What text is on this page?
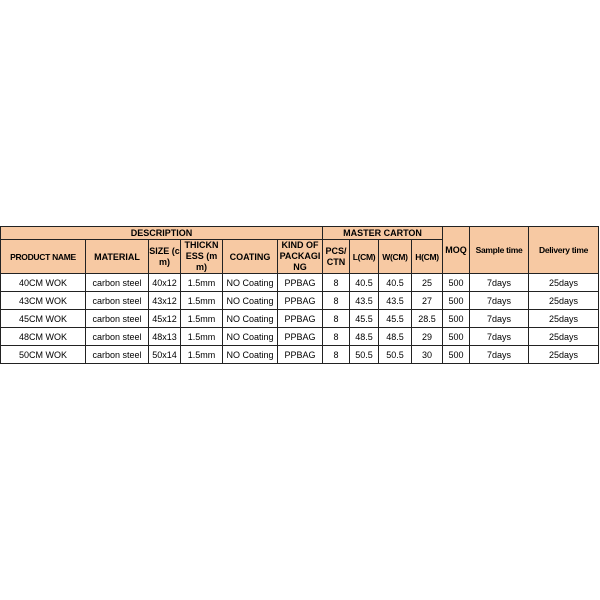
DESCRIPTION						MASTER CARTON				MOQ	Sample time	Delivery time
PRODUCT NAME	MATERIAL	SIZE (cm)	THICKN ESS (mm)	COATING	KIND OF PACKAGI NG	PCS/ CTN	L(CM)	W(CM)	H(CM)			
40CM WOK	carbon steel	40x12	1.5mm	NO Coating	PPBAG	8	40.5	40.5	25	500	7days	25days
43CM WOK	carbon steel	43x12	1.5mm	NO Coating	PPBAG	8	43.5	43.5	27	500	7days	25days
45CM WOK	carbon steel	45x12	1.5mm	NO Coating	PPBAG	8	45.5	45.5	28.5	500	7days	25days
48CM WOK	carbon steel	48x13	1.5mm	NO Coating	PPBAG	8	48.5	48.5	29	500	7days	25days
50CM WOK	carbon steel	50x14	1.5mm	NO Coating	PPBAG	8	50.5	50.5	30	500	7days	25days
